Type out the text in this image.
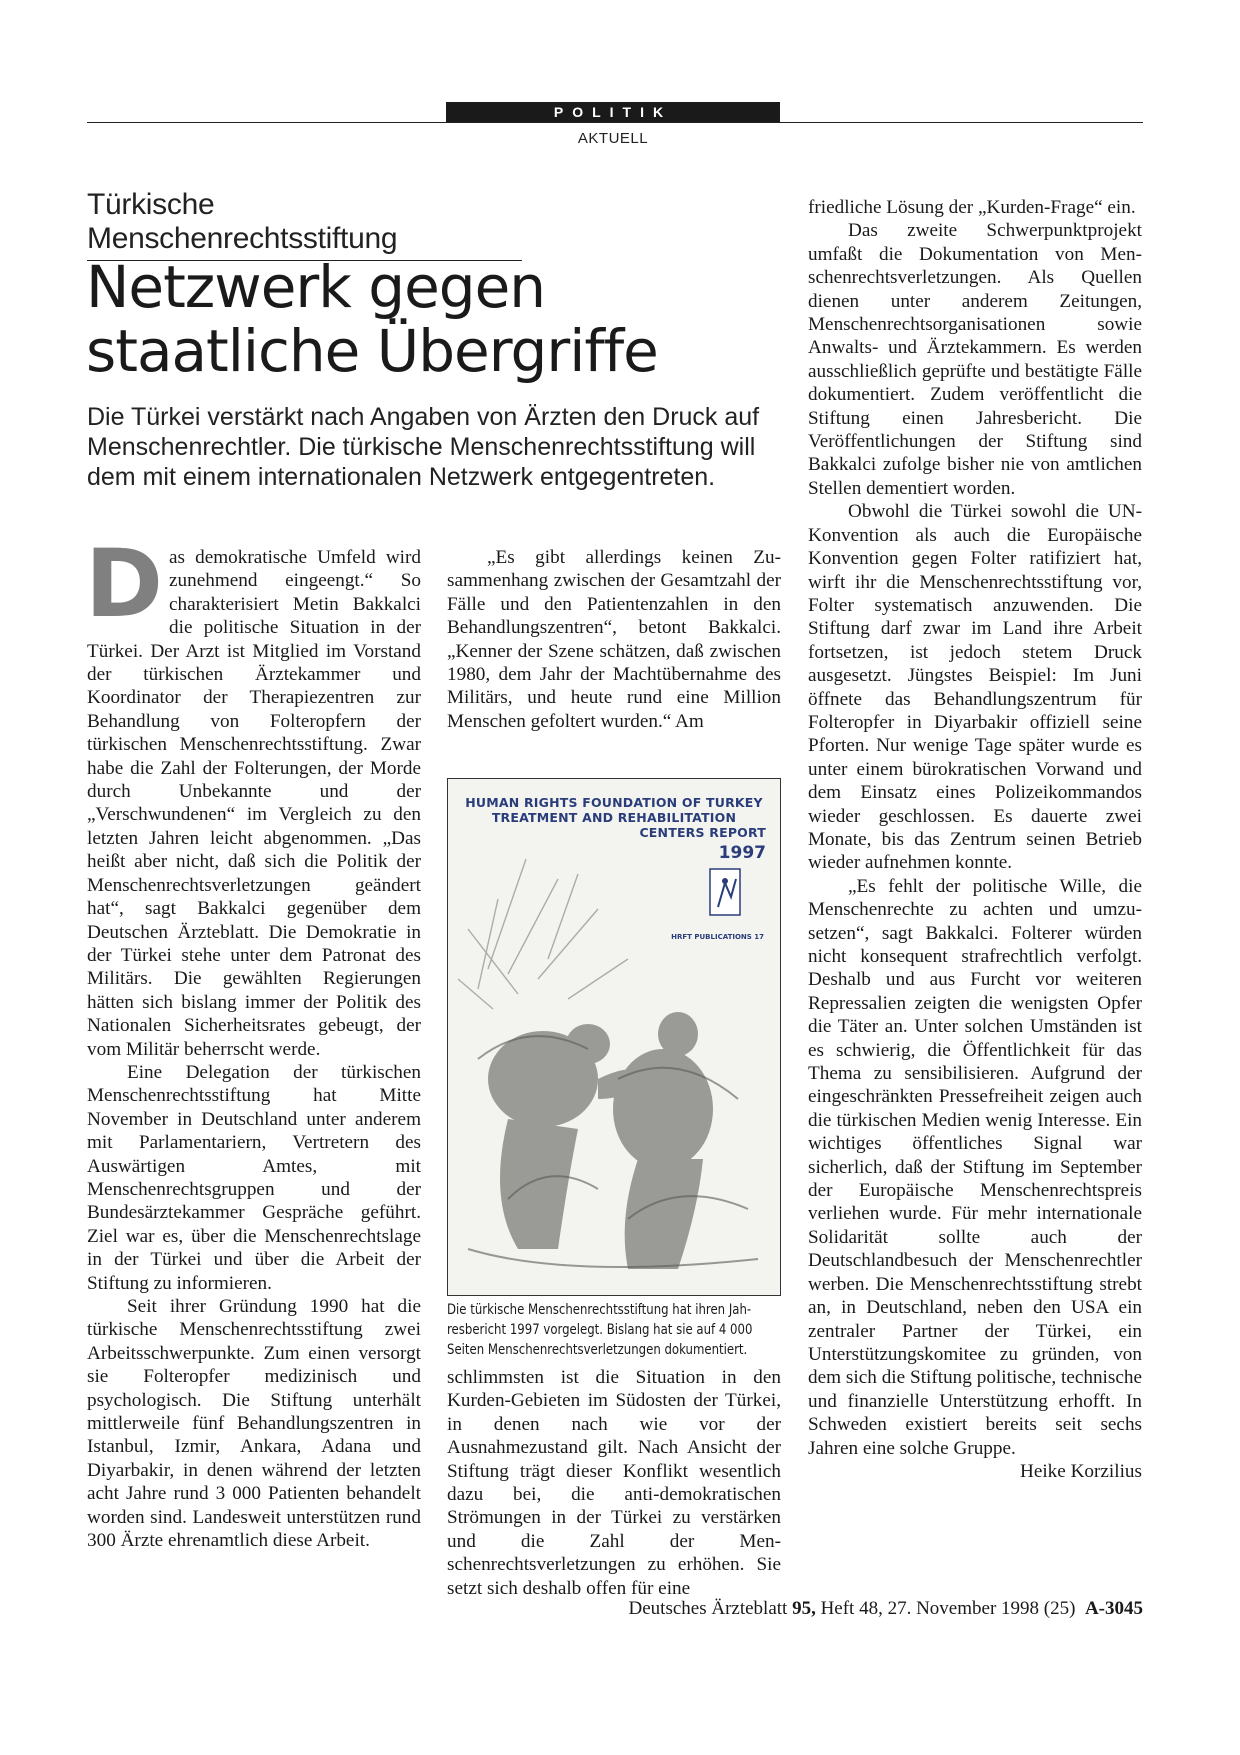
POLITIK
AKTUELL
Türkische Menschenrechtsstiftung
Netzwerk gegen
staatliche Übergriffe
Die Türkei verstärkt nach Angaben von Ärzten den Druck auf Menschenrechtler. Die türkische Menschenrechtsstiftung will dem mit einem internationalen Netzwerk entgegentreten.

Das demokratische Umfeld wird zunehmend eingeengt.“ So charakterisiert Metin Bakkalci die politische Situation in der Türkei. Der Arzt ist Mitglied im Vorstand der türkischen Ärztekammer und Koordinator der Therapiezentren zur Behandlung von Folteropfern der türkischen Menschenrechtsstiftung. Zwar habe die Zahl der Folterungen, der Morde durch Unbekannte und der „Verschwundenen“ im Vergleich zu den letzten Jahren leicht abgenommen. „Das heißt aber nicht, daß sich die Politik der Menschenrechtsverletzungen geändert hat“, sagt Bakkalci gegenüber dem Deutschen Ärzteblatt. Die Demokratie in der Türkei stehe unter dem Patronat des Militärs. Die gewählten Regierungen hätten sich bislang immer der Politik des Nationalen Sicherheitsrates gebeugt, der vom Militär beherrscht werde.

Eine Delegation der türkischen Menschenrechtsstiftung hat Mitte November in Deutschland unter anderem mit Parlamentariern, Vertretern des Auswärtigen Amtes, mit Menschenrechtsgruppen und der Bundesärztekammer Gespräche geführt. Ziel war es, über die Menschenrechtslage in der Türkei und über die Arbeit der Stiftung zu informieren.

Seit ihrer Gründung 1990 hat die türkische Menschenrechtsstiftung zwei Arbeitsschwerpunkte. Zum einen versorgt sie Folteropfer medizinisch und psychologisch. Die Stiftung unterhält mittlerweile fünf Behandlungszentren in Istanbul, Izmir, Ankara, Adana und Diyarbakir, in denen während der letzten acht Jahre rund 3 000 Patienten behandelt worden sind. Landesweit unterstützen rund 300 Ärzte ehrenamtlich diese Arbeit.

„Es gibt allerdings keinen Zusammenhang zwischen der Gesamtzahl der Fälle und den Patientenzahlen in den Behandlungszentren“, betont Bakkalci. „Kenner der Szene schätzen, daß zwischen 1980, dem Jahr der Machtübernahme des Militärs, und heute rund eine Million Menschen gefoltert wurden.“ Am

HUMAN RIGHTS FOUNDATION OF TURKEY
TREATMENT AND REHABILITATION
CENTERS REPORT
1997
HRFT PUBLICATIONS 17
Die türkische Menschenrechtsstiftung hat ihren Jahresbericht 1997 vorgelegt. Bislang hat sie auf 4 000 Seiten Menschenrechtsverletzungen dokumentiert.

schlimmsten ist die Situation in den Kurden-Gebieten im Südosten der Türkei, in denen nach wie vor der Ausnahmezustand gilt. Nach Ansicht der Stiftung trägt dieser Konflikt wesentlich dazu bei, die anti-demokratischen Strömungen in der Türkei zu verstärken und die Zahl der Menschenrechtsverletzungen zu erhöhen. Sie setzt sich deshalb offen für eine

friedliche Lösung der „Kurden-Frage“ ein.

Das zweite Schwerpunktprojekt umfaßt die Dokumentation von Menschenrechtsverletzungen. Als Quellen dienen unter anderem Zeitungen, Menschenrechtsorganisationen sowie Anwalts- und Ärztekammern. Es werden ausschließlich geprüfte und bestätigte Fälle dokumentiert. Zudem veröffentlicht die Stiftung einen Jahresbericht. Die Veröffentlichungen der Stiftung sind Bakkalci zufolge bisher nie von amtlichen Stellen dementiert worden.

Obwohl die Türkei sowohl die UN-Konvention als auch die Europäische Konvention gegen Folter ratifiziert hat, wirft ihr die Menschenrechtsstiftung vor, Folter systematisch anzuwenden. Die Stiftung darf zwar im Land ihre Arbeit fortsetzen, ist jedoch stetem Druck ausgesetzt. Jüngstes Beispiel: Im Juni öffnete das Behandlungszentrum für Folteropfer in Diyarbakir offiziell seine Pforten. Nur wenige Tage später wurde es unter einem bürokratischen Vorwand und dem Einsatz eines Polizeikommandos wieder geschlossen. Es dauerte zwei Monate, bis das Zentrum seinen Betrieb wieder aufnehmen konnte.

„Es fehlt der politische Wille, die Menschenrechte zu achten und umzusetzen“, sagt Bakkalci. Folterer würden nicht konsequent strafrechtlich verfolgt. Deshalb und aus Furcht vor weiteren Repressalien zeigten die wenigsten Opfer die Täter an. Unter solchen Umständen ist es schwierig, die Öffentlichkeit für das Thema zu sensibilisieren. Aufgrund der eingeschränkten Pressefreiheit zeigen auch die türkischen Medien wenig Interesse. Ein wichtiges öffentliches Signal war sicherlich, daß der Stiftung im September der Europäische Menschenrechtspreis verliehen wurde. Für mehr internationale Solidarität sollte auch der Deutschlandbesuch der Menschenrechtler werben. Die Menschenrechtsstiftung strebt an, in Deutschland, neben den USA ein zentraler Partner der Türkei, ein Unterstützungskomitee zu gründen, von dem sich die Stiftung politische, technische und finanzielle Unterstützung erhofft. In Schweden existiert bereits seit sechs Jahren eine solche Gruppe.
Heike Korzilius

Deutsches Ärzteblatt 95, Heft 48, 27. November 1998 (25) A-3045
